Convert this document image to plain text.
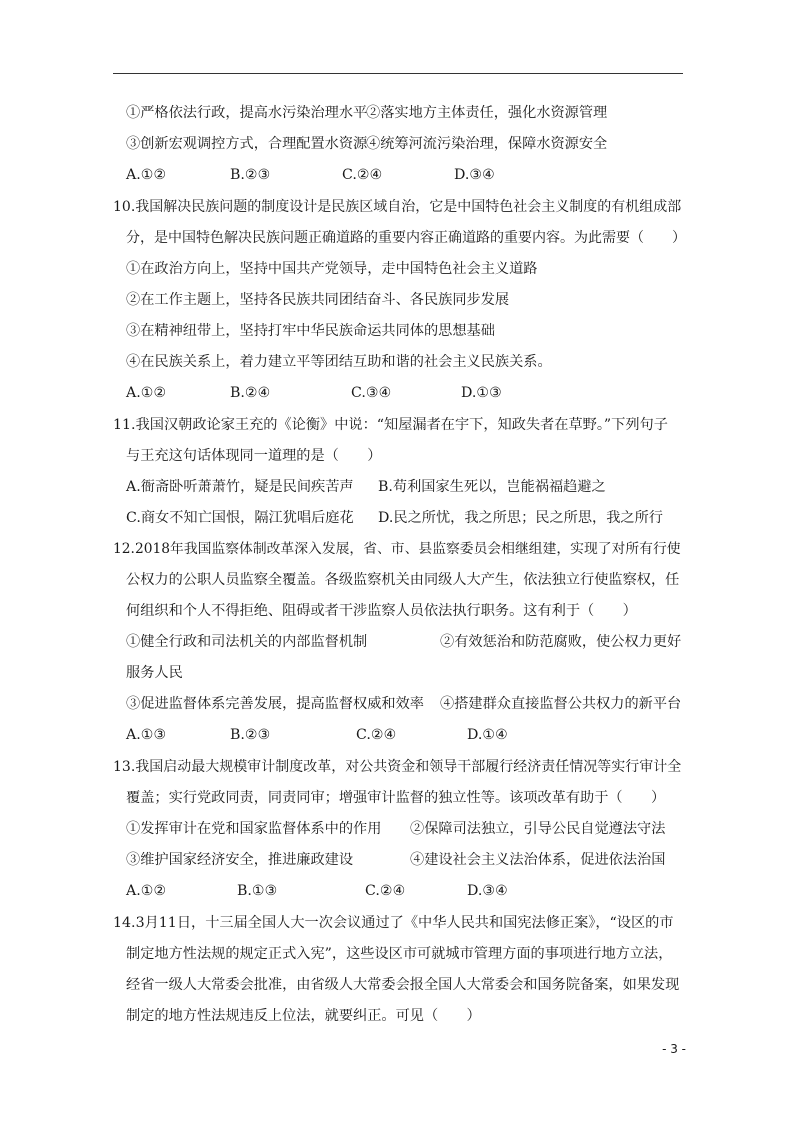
①严格依法行政，提高水污染治理水平
②落实地方主体责任，强化水资源管理
③创新宏观调控方式，合理配置水资源
④统筹河流污染治理，保障水资源安全
A.①②	B.②③	C.②④	D.③④
10.我国解决民族问题的制度设计是民族区域自治，它是中国特色社会主义制度的有机组成部
分，是中国特色解决民族问题正确道路的重要内容正确道路的重要内容。为此需要（　　）
①在政治方向上，坚持中国共产党领导，走中国特色社会主义道路
②在工作主题上，坚持各民族共同团结奋斗、各民族同步发展
③在精神纽带上，坚持打牢中华民族命运共同体的思想基础
④在民族关系上，着力建立平等团结互助和谐的社会主义民族关系。
A.①②	B.②④	C.③④	D.①③
11.我国汉朝政论家王充的《论衡》中说：“知屋漏者在宇下，知政失者在草野。”下列句子
与王充这句话体现同一道理的是（　　）
A.衙斋卧听萧萧竹，疑是民间疾苦声 B.苟利国家生死以，岂能祸福趋避之
C.商女不知亡国恨，隔江犹唱后庭花 D.民之所忧，我之所思；民之所思，我之所行
12.2018年我国监察体制改革深入发展，省、市、县监察委员会相继组建，实现了对所有行使
公权力的公职人员监察全覆盖。各级监察机关由同级人大产生，依法独立行使监察权，任
何组织和个人不得拒绝、阻碍或者干涉监察人员依法执行职务。这有利于（　　）
①健全行政和司法机关的内部监督机制	②有效惩治和防范腐败，使公权力更好
服务人民
③促进监督体系完善发展，提高监督权威和效率 ④搭建群众直接监督公共权力的新平台
A.①③	B.②③	C.②④	D.①④
13.我国启动最大规模审计制度改革，对公共资金和领导干部履行经济责任情况等实行审计全
覆盖；实行党政同责，同责同审；增强审计监督的独立性等。该项改革有助于（　　）
①发挥审计在党和国家监督体系中的作用 ②保障司法独立，引导公民自觉遵法守法
③维护国家经济安全，推进廉政建设	④建设社会主义法治体系，促进依法治国
A.①②	B.①③	C.②④	D.③④
14.3月11日，十三届全国人大一次会议通过了《中华人民共和国宪法修正案》，“设区的市
制定地方性法规的规定正式入宪”，这些设区市可就城市管理方面的事项进行地方立法，
经省一级人大常委会批准，由省级人大常委会报全国人大常委会和国务院备案，如果发现
制定的地方性法规违反上位法，就要纠正。可见（　　）
- 3 -
